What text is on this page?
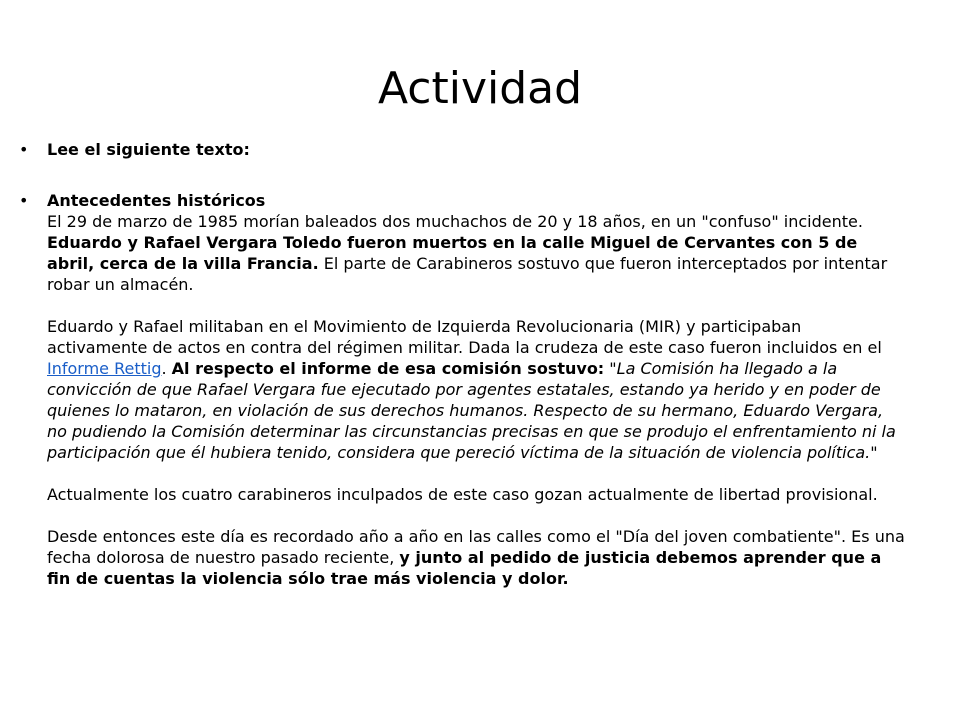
Actividad
• Lee el siguiente texto:
• Antecedentes históricos
El 29 de marzo de 1985 morían baleados dos muchachos de 20 y 18 años, en un "confuso" incidente. Eduardo y Rafael Vergara Toledo fueron muertos en la calle Miguel de Cervantes con 5 de abril, cerca de la villa Francia. El parte de Carabineros sostuvo que fueron interceptados por intentar robar un almacén.
Eduardo y Rafael militaban en el Movimiento de Izquierda Revolucionaria (MIR) y participaban activamente de actos en contra del régimen militar. Dada la crudeza de este caso fueron incluidos en el Informe Rettig. Al respecto el informe de esa comisión sostuvo: "La Comisión ha llegado a la convicción de que Rafael Vergara fue ejecutado por agentes estatales, estando ya herido y en poder de quienes lo mataron, en violación de sus derechos humanos. Respecto de su hermano, Eduardo Vergara, no pudiendo la Comisión determinar las circunstancias precisas en que se produjo el enfrentamiento ni la participación que él hubiera tenido, considera que pereció víctima de la situación de violencia política."
Actualmente los cuatro carabineros inculpados de este caso gozan actualmente de libertad provisional.
Desde entonces este día es recordado año a año en las calles como el "Día del joven combatiente". Es una fecha dolorosa de nuestro pasado reciente, y junto al pedido de justicia debemos aprender que a fin de cuentas la violencia sólo trae más violencia y dolor.
